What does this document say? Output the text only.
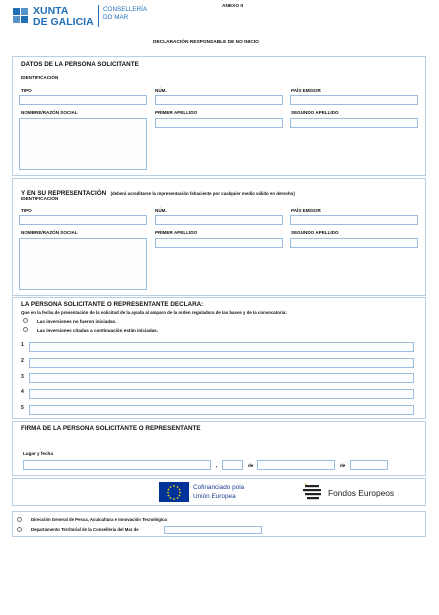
XUNTA
DE GALICIA
CONSELLERÍA
DO MAR
ANEXO II
DECLARACIÓN RESPONSABLE DE NO INICIO
DATOS DE LA PERSONA SOLICITANTE
IDENTIFICACIÓN
TIPO	NÚM.	PAÍS EMISOR
NOMBRE/RAZÓN SOCIAL	PRIMER APELLIDO	SEGUNDO APELLIDO
Y EN SU REPRESENTACIÓN (deberá acreditarse la representación fehaciente por cualquier medio válido en derecho)
IDENTIFICACIÓN
TIPO	NÚM.	PAÍS EMISOR
NOMBRE/RAZÓN SOCIAL	PRIMER APELLIDO	SEGUNDO APELLIDO
LA PERSONA SOLICITANTE O REPRESENTANTE DECLARA:
Que en la fecha de presentación de la solicitud de la ayuda al amparo de la orden reguladora de las bases y de la convocatoria:
Las inversiones no fueron iniciadas.
Las inversiones citadas a continuación están iniciadas.
1
2
3
4
5
FIRMA DE LA PERSONA SOLICITANTE O REPRESENTANTE
Lugar y fecha
,	de	de
Cofinanciado pola
Unión Europea	Fondos Europeos
Dirección General de Pesca, Acuicultura e Innovación Tecnológica
Departamento Territorial de la Consellería del Mar de
